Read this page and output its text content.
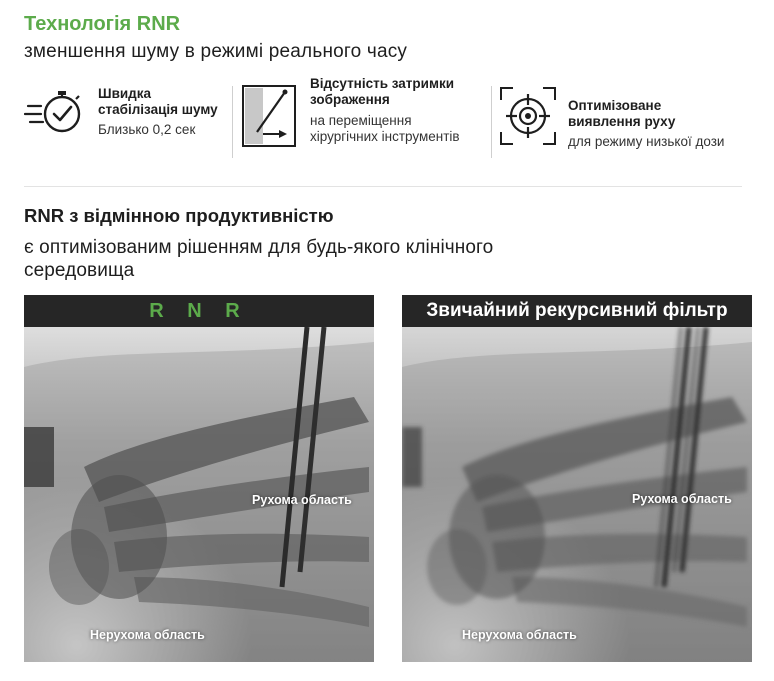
Технологія RNR
зменшення шуму в режимі реального часу
Швидка
стабілізація шуму
Близько 0,2 сек
Відсутність затримки
зображення
на переміщення
хірургічних інструментів
Оптимізоване
виявлення руху
для режиму низької дози
RNR з відмінною продуктивністю
є оптимізованим рішенням для будь-якого клінічного
середовища
R N R
Рухома область
Нерухома область
Звичайний рекурсивний фільтр
Рухома область
Нерухома область
